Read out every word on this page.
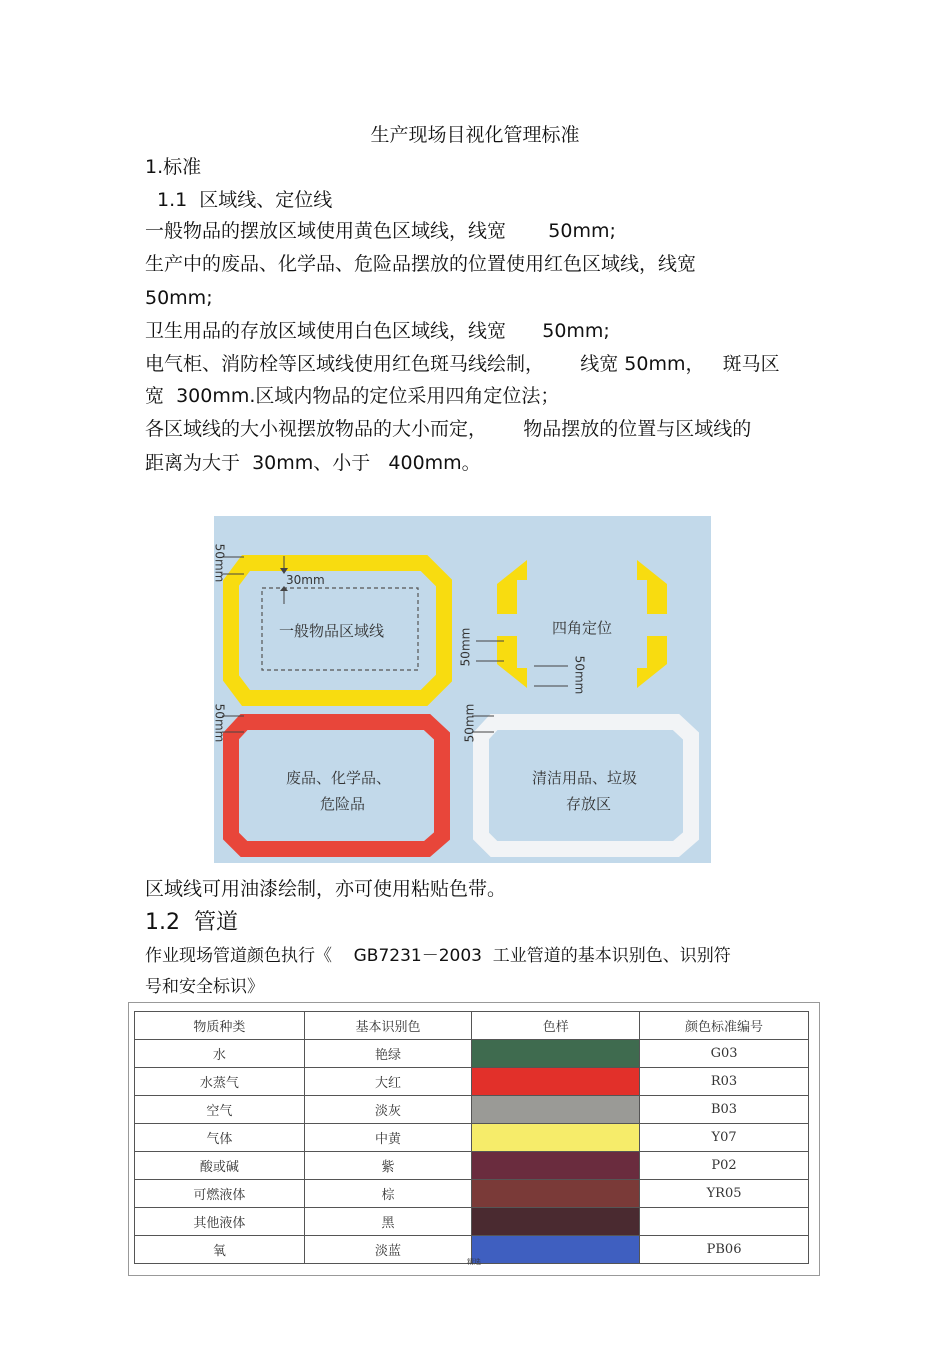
生产现场目视化管理标准
1.标准
1.1  区域线、定位线
一般物品的摆放区域使用黄色区域线，线宽       50mm;
生产中的废品、化学品、危险品摆放的位置使用红色区域线，线宽
50mm;
卫生用品的存放区域使用白色区域线，线宽      50mm;
电气柜、消防栓等区域线使用红色斑马线绘制，      线宽 50mm，   斑马区
宽  300mm.区域内物品的定位采用四角定位法；
各区域线的大小视摆放物品的大小而定，      物品摆放的位置与区域线的
距离为大于  30mm、小于   400mm。
一般物品区域线	四角定位
废品、化学品、
危险品
清洁用品、垃圾
存放区
30mm
50mm
50mm
50mm
50mm	50mm
区域线可用油漆绘制，亦可使用粘贴色带。
1.2  管道
作业现场管道颜色执行《    GB7231－2003  工业管道的基本识别色、识别符
号和安全标识》
物质种类	基本识别色	色样	颜色标准编号
水	艳绿		G03
水蒸气	大红		R03
空气	淡灰		B03
气体	中黄		Y07
酸或碱	紫		P02
可燃液体	棕		YR05
其他液体	黑		
氧	淡蓝		PB06
精选
